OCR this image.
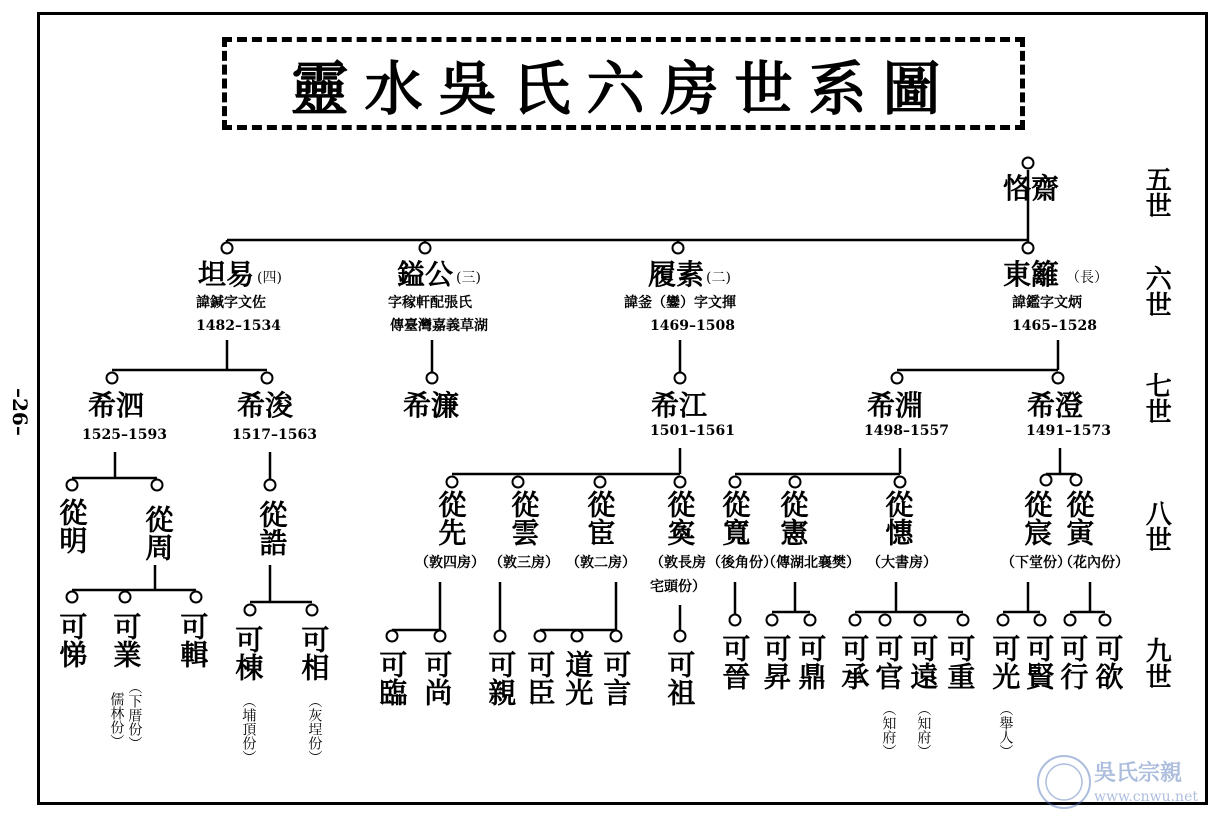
靈水吳氏六房世系圖
–26–
五世
六世
七世
八世
九世
恪齋
坦易 (四)
諱鍼字文佐
1482–1534
鎰公 (三)
字稼軒配張氏
傳臺灣嘉義草湖
履素 (二)
諱釜（鑾）字文揮
1469–1508
東籬 （長）
諱鑑字文炳
1465–1528
希泗
1525–1593
希浚
1517–1563
希濂	希江
1501–1561
希淵
1498–1557
希澄
1491–1573
從明 從周	從誥	從先
（敦四房）
從雲
（敦三房）
從宦
（敦二房）
從寏
（敦長房
宅頭份）
從寬
（後角份）
從憲
（傳湖北襄樊）
從憓
（大書房）
從宸
（下堂份）
從寅
（花內份）
可悌 可業
（下厝份）
儒林份）
可輯 可棟
（埔頂份）
可相
（灰埕份）
可臨 可尚 可親 可臣 道光 可言 可祖 可晉 可昇 可鼎 可承 可官
（知府）
可遠
（知府）
可重 可光
（舉人）
可賢 可行 可欲
吳氏宗親
www.cnwu.net
